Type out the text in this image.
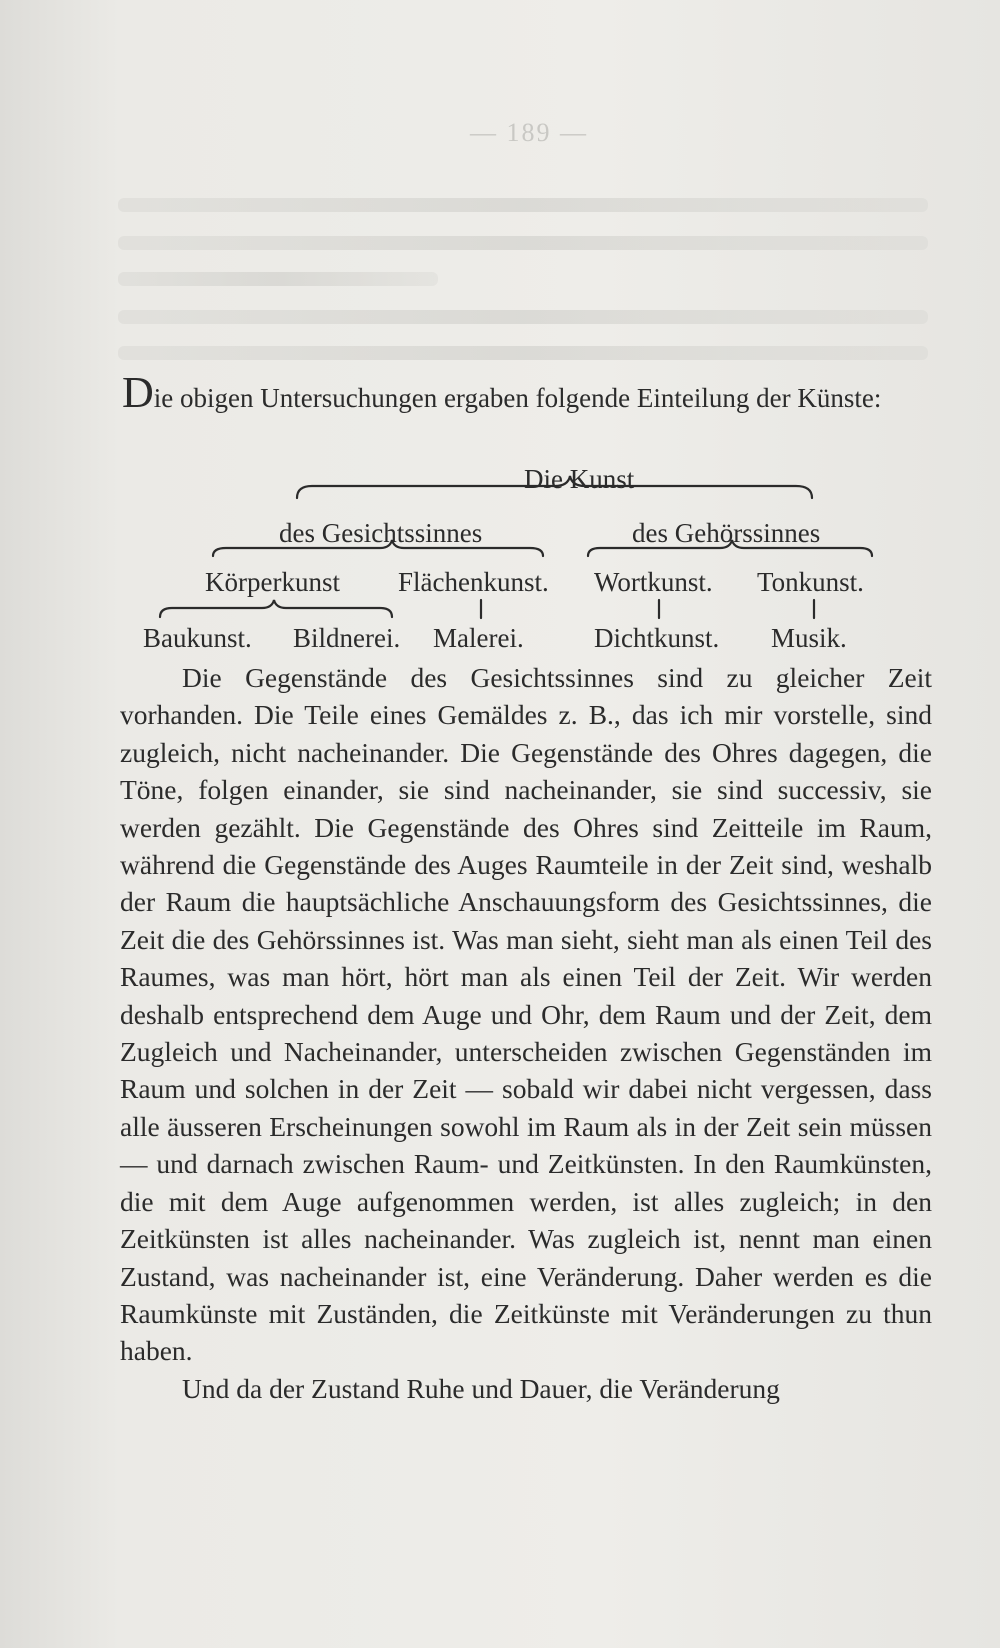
— 189 —
Die obigen Untersuchungen ergaben folgende Einteilung der Künste:
Die Kunst
des Gesichtssinnes	des Gehörssinnes
Körperkunst Flächenkunst. Wortkunst. Tonkunst.
Baukunst. Bildnerei. Malerei.	Dichtkunst. Musik.

Die Gegenstände des Gesichtssinnes sind zu gleicher Zeit vorhanden. Die Teile eines Gemäldes z. B., das ich mir vorstelle, sind zugleich, nicht nacheinander. Die Gegenstände des Ohres dagegen, die Töne, folgen einander, sie sind nacheinander, sie sind successiv, sie werden gezählt. Die Gegenstände des Ohres sind Zeitteile im Raum, während die Gegenstände des Auges Raumteile in der Zeit sind, weshalb der Raum die hauptsächliche Anschauungsform des Gesichtssinnes, die Zeit die des Gehörssinnes ist. Was man sieht, sieht man als einen Teil des Raumes, was man hört, hört man als einen Teil der Zeit. Wir werden deshalb entsprechend dem Auge und Ohr, dem Raum und der Zeit, dem Zugleich und Nacheinander, unterscheiden zwischen Gegenständen im Raum und solchen in der Zeit — sobald wir dabei nicht vergessen, dass alle äusseren Erscheinungen sowohl im Raum als in der Zeit sein müssen — und darnach zwischen Raum- und Zeitkünsten. In den Raumkünsten, die mit dem Auge aufgenommen werden, ist alles zugleich; in den Zeitkünsten ist alles nacheinander. Was zugleich ist, nennt man einen Zustand, was nacheinander ist, eine Veränderung. Daher werden es die Raumkünste mit Zuständen, die Zeitkünste mit Veränderungen zu thun haben.

Und da der Zustand Ruhe und Dauer, die Veränderung
